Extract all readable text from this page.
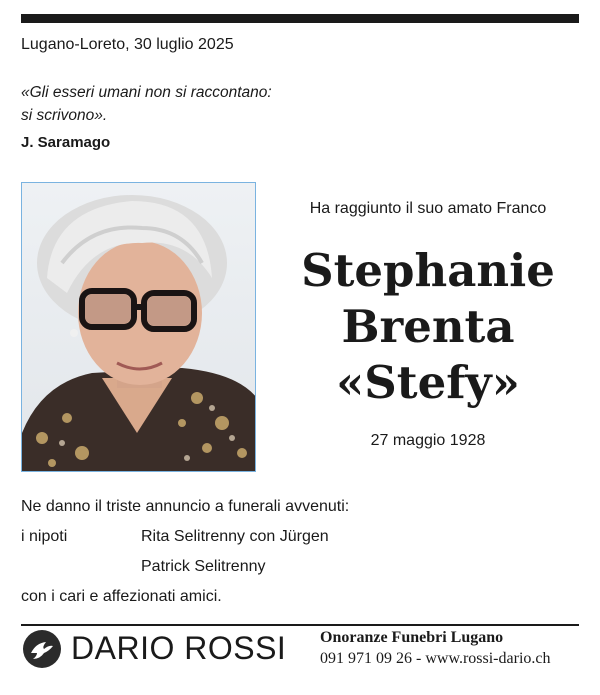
Lugano-Loreto, 30 luglio 2025
«Gli esseri umani non si raccontano:
si scrivono».
J. Saramago
Ha raggiunto il suo amato Franco
Stephanie
Brenta
«Stefy»
27 maggio 1928
Ne danno il triste annuncio a funerali avvenuti:
i nipoti	Rita Selitrenny con Jürgen
Patrick Selitrenny
con i cari e affezionati amici.
DARIO ROSSI Onoranze Funebri Lugano
091 971 09 26 - www.rossi-dario.ch
